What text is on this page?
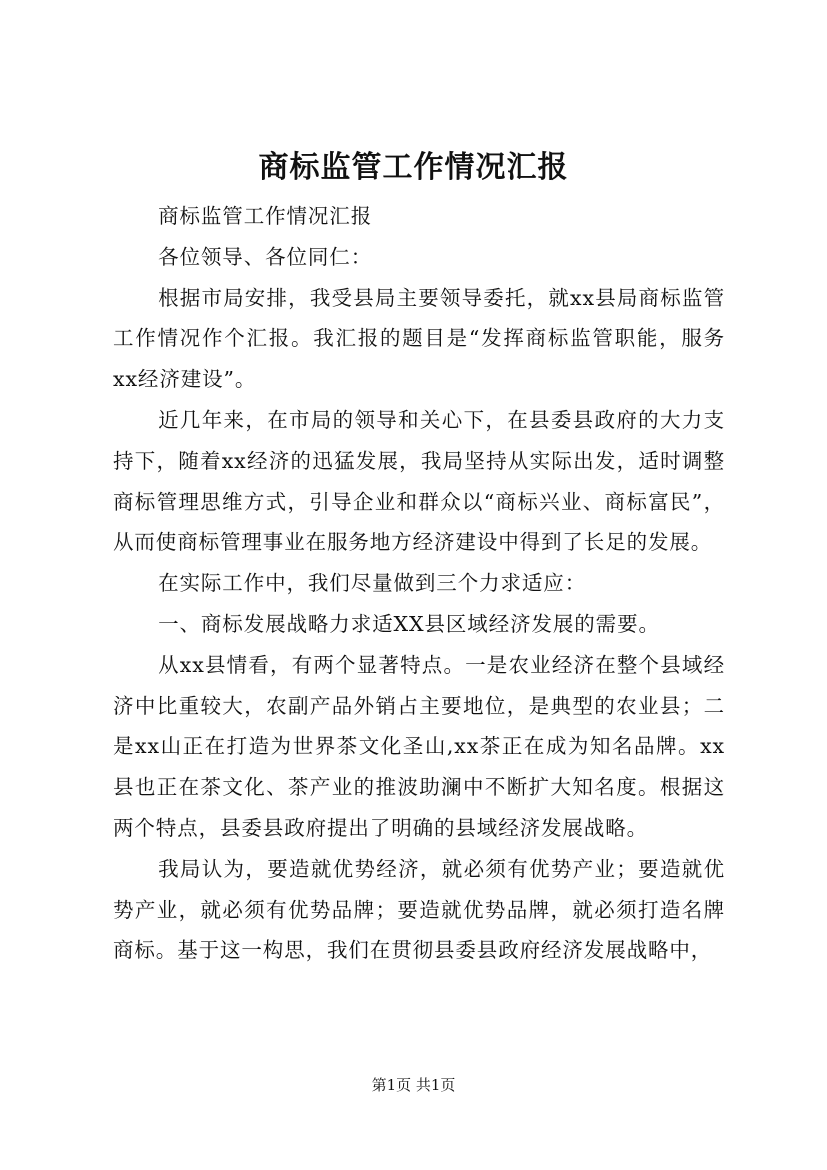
商标监管工作情况汇报

商标监管工作情况汇报

各位领导、各位同仁：

根据市局安排，我受县局主要领导委托，就xx县局商标监管工作情况作个汇报。我汇报的题目是“发挥商标监管职能，服务xx经济建设”。

近几年来，在市局的领导和关心下，在县委县政府的大力支持下，随着xx经济的迅猛发展，我局坚持从实际出发，适时调整商标管理思维方式，引导企业和群众以“商标兴业、商标富民”，从而使商标管理事业在服务地方经济建设中得到了长足的发展。

在实际工作中，我们尽量做到三个力求适应：

一、商标发展战略力求适XX县区域经济发展的需要。

从xx县情看，有两个显著特点。一是农业经济在整个县域经济中比重较大，农副产品外销占主要地位，是典型的农业县；二是xx山正在打造为世界茶文化圣山,xx茶正在成为知名品牌。xx县也正在茶文化、茶产业的推波助澜中不断扩大知名度。根据这两个特点，县委县政府提出了明确的县域经济发展战略。

我局认为，要造就优势经济，就必须有优势产业；要造就优势产业，就必须有优势品牌；要造就优势品牌，就必须打造名牌商标。基于这一构思，我们在贯彻县委县政府经济发展战略中，

第1页 共1页
